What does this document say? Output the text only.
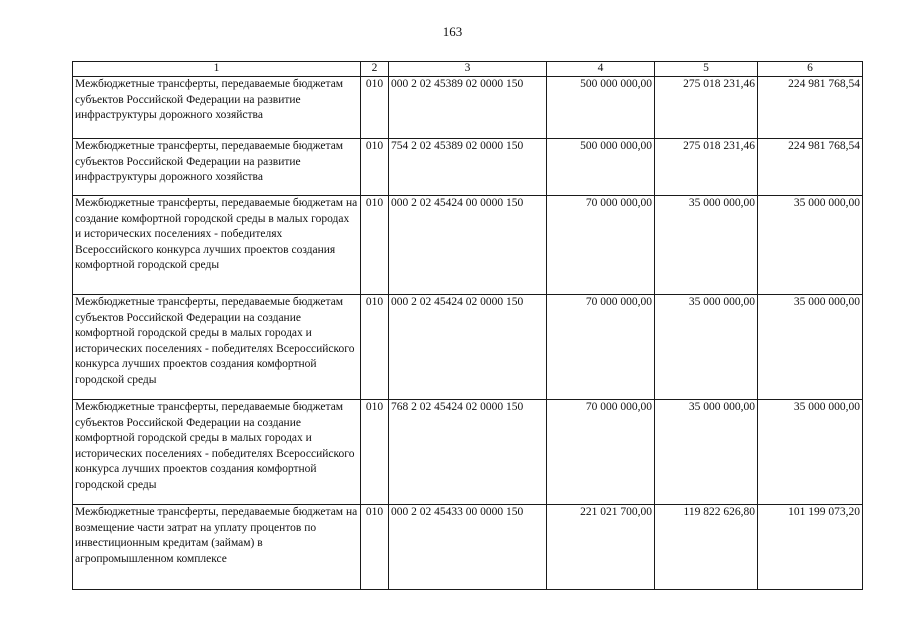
163
1	2	3	4	5	6
Межбюджетные трансферты, передаваемые бюджетам субъектов Российской Федерации на развитие инфраструктуры дорожного хозяйства	010	000 2 02 45389 02 0000 150	500 000 000,00	275 018 231,46	224 981 768,54
Межбюджетные трансферты, передаваемые бюджетам субъектов Российской Федерации на развитие инфраструктуры дорожного хозяйства	010	754 2 02 45389 02 0000 150	500 000 000,00	275 018 231,46	224 981 768,54
Межбюджетные трансферты, передаваемые бюджетам на создание комфортной городской среды в малых городах и исторических поселениях - победителях Всероссийского конкурса лучших проектов создания комфортной городской среды	010	000 2 02 45424 00 0000 150	70 000 000,00	35 000 000,00	35 000 000,00
Межбюджетные трансферты, передаваемые бюджетам субъектов Российской Федерации на создание комфортной городской среды в малых городах и исторических поселениях - победителях Всероссийского конкурса лучших проектов создания комфортной городской среды	010	000 2 02 45424 02 0000 150	70 000 000,00	35 000 000,00	35 000 000,00
Межбюджетные трансферты, передаваемые бюджетам субъектов Российской Федерации на создание комфортной городской среды в малых городах и исторических поселениях - победителях Всероссийского конкурса лучших проектов создания комфортной городской среды	010	768 2 02 45424 02 0000 150	70 000 000,00	35 000 000,00	35 000 000,00
Межбюджетные трансферты, передаваемые бюджетам на возмещение части затрат на уплату процентов по инвестиционным кредитам (займам) в агропромышленном комплексе	010	000 2 02 45433 00 0000 150	221 021 700,00	119 822 626,80	101 199 073,20
